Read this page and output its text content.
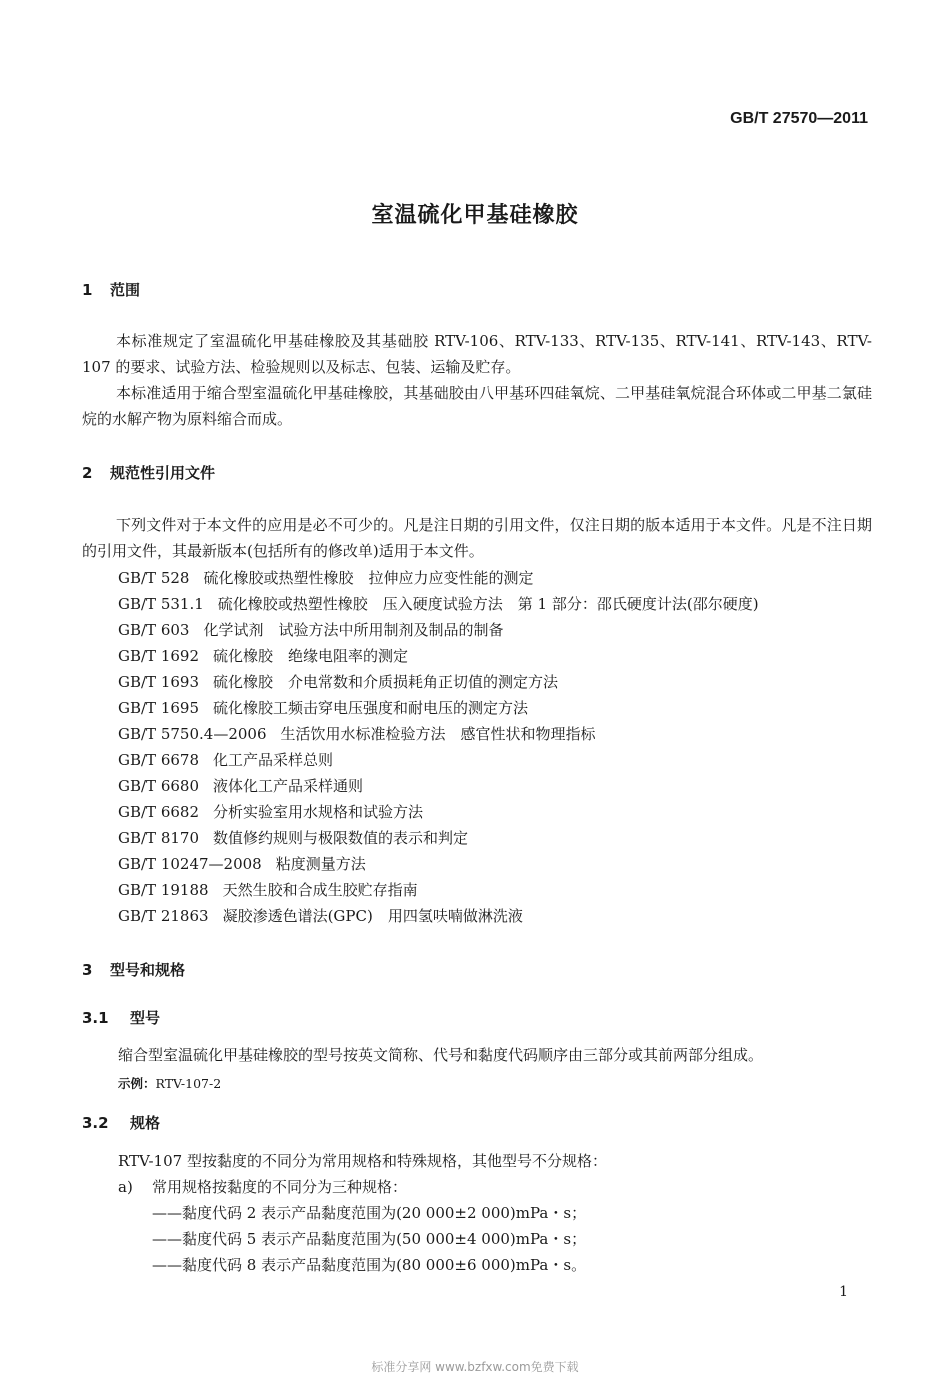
GB/T 27570—2011
室温硫化甲基硅橡胶
1 范围
本标准规定了室温硫化甲基硅橡胶及其基础胶 RTV-106、RTV-133、RTV-135、RTV-141、RTV-143、RTV-107 的要求、试验方法、检验规则以及标志、包装、运输及贮存。
本标准适用于缩合型室温硫化甲基硅橡胶，其基础胶由八甲基环四硅氧烷、二甲基硅氧烷混合环体或二甲基二氯硅烷的水解产物为原料缩合而成。
2 规范性引用文件
下列文件对于本文件的应用是必不可少的。凡是注日期的引用文件，仅注日期的版本适用于本文件。凡是不注日期的引用文件，其最新版本(包括所有的修改单)适用于本文件。
GB/T 528 硫化橡胶或热塑性橡胶　拉伸应力应变性能的测定
GB/T 531.1 硫化橡胶或热塑性橡胶　压入硬度试验方法　第 1 部分：邵氏硬度计法(邵尔硬度)
GB/T 603 化学试剂　试验方法中所用制剂及制品的制备
GB/T 1692 硫化橡胶　绝缘电阻率的测定
GB/T 1693 硫化橡胶　介电常数和介质损耗角正切值的测定方法
GB/T 1695 硫化橡胶工频击穿电压强度和耐电压的测定方法
GB/T 5750.4—2006 生活饮用水标准检验方法　感官性状和物理指标
GB/T 6678 化工产品采样总则
GB/T 6680 液体化工产品采样通则
GB/T 6682 分析实验室用水规格和试验方法
GB/T 8170 数值修约规则与极限数值的表示和判定
GB/T 10247—2008 粘度测量方法
GB/T 19188 天然生胶和合成生胶贮存指南
GB/T 21863 凝胶渗透色谱法(GPC)　用四氢呋喃做淋洗液
3 型号和规格
3.1 型号
缩合型室温硫化甲基硅橡胶的型号按英文简称、代号和黏度代码顺序由三部分或其前两部分组成。
示例：RTV-107-2
3.2 规格
RTV-107 型按黏度的不同分为常用规格和特殊规格，其他型号不分规格：
a) 常用规格按黏度的不同分为三种规格：
——黏度代码 2 表示产品黏度范围为(20 000±2 000)mPa・s；
——黏度代码 5 表示产品黏度范围为(50 000±4 000)mPa・s；
——黏度代码 8 表示产品黏度范围为(80 000±6 000)mPa・s。
1
标准分享网 www.bzfxw.com免费下载
